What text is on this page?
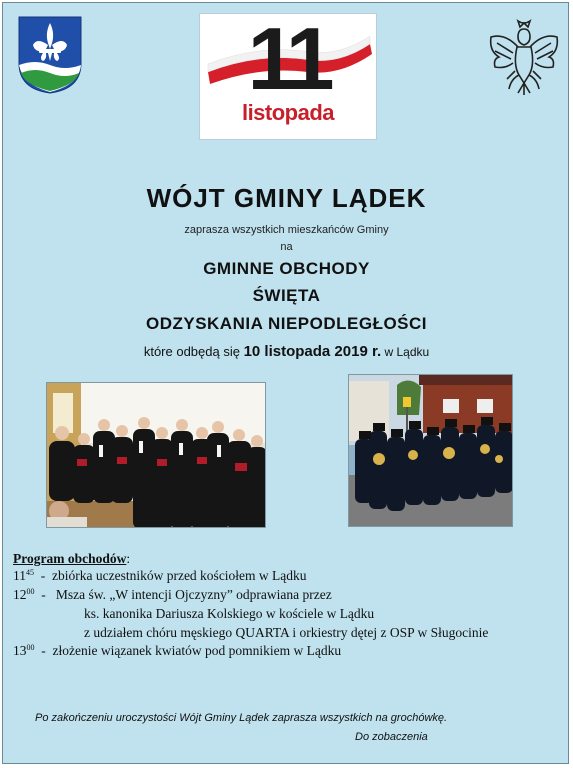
11
listopada
WÓJT GMINY LĄDEK
zaprasza wszystkich mieszkańców Gminy
na
GMINNE OBCHODY
ŚWIĘTA
ODZYSKANIA NIEPODLEGŁOŚCI
które odbędą się 10 listopada 2019 r. w Lądku
Program obchodów:
$11^{45}$  -  zbiórka uczestników przed kościołem w Lądku
$12^{00}$  -   Msza św. „W intencji Ojczyzny” odprawiana przez
ks. kanonika Dariusza Kolskiego w kościele w Lądku
z udziałem chóru męskiego QUARTA i orkiestry dętej z OSP w Sługocinie
$13^{00}$  -  złożenie wiązanek kwiatów pod pomnikiem w Lądku
Po zakończeniu uroczystości Wójt Gminy Lądek zaprasza wszystkich na grochówkę.
Do zobaczenia
